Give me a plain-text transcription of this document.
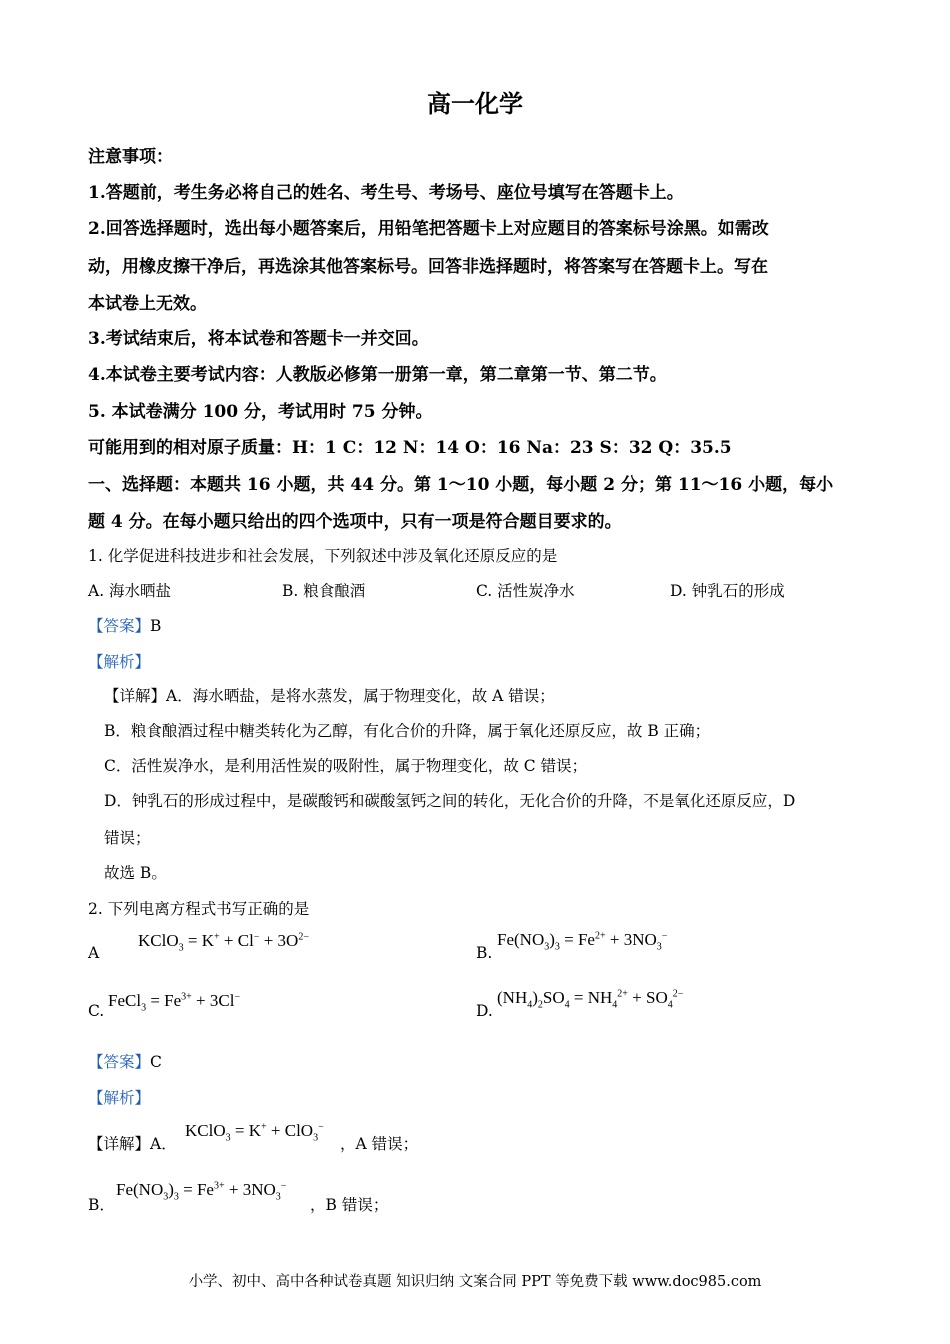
高一化学
注意事项：
1.答题前，考生务必将自己的姓名、考生号、考场号、座位号填写在答题卡上。
2.回答选择题时，选出每小题答案后，用铅笔把答题卡上对应题目的答案标号涂黑。如需改
动，用橡皮擦干净后，再选涂其他答案标号。回答非选择题时，将答案写在答题卡上。写在
本试卷上无效。
3.考试结束后，将本试卷和答题卡一并交回。
4.本试卷主要考试内容：人教版必修第一册第一章，第二章第一节、第二节。
5. 本试卷满分 100 分，考试用时 75 分钟。
可能用到的相对原子质量：H：1 C：12 N：14 O：16 Na：23 S：32 Q：35.5
一、选择题：本题共 16 小题，共 44 分。第 1～10 小题，每小题 2 分；第 11～16 小题，每小
题 4 分。在每小题只给出的四个选项中，只有一项是符合题目要求的。
1. 化学促进科技进步和社会发展，下列叙述中涉及氧化还原反应的是
A. 海水晒盐	B. 粮食酿酒	C. 活性炭净水	D. 钟乳石的形成
【答案】B
【解析】
【详解】A．海水晒盐，是将水蒸发，属于物理变化，故 A 错误；
B．粮食酿酒过程中糖类转化为乙醇，有化合价的升降，属于氧化还原反应，故 B 正确；
C．活性炭净水，是利用活性炭的吸附性，属于物理变化，故 C 错误；
D．钟乳石的形成过程中，是碳酸钙和碳酸氢钙之间的转化，无化合价的升降，不是氧化还原反应，D
错误；
故选 B。
2. 下列电离方程式书写正确的是
A
KClO$_3$ = $K^+ + Cl^- + 3O^{2-}$
B.
$Fe(NO_3)_3 = Fe^{2+} + 3NO_3^-$
C.
FeCl$_3$ = $Fe^{3+} + 3Cl^-$
D.
$(NH_4)_2SO_4 = NH_4^{2+} + SO_4^{2-}$
【答案】C
【解析】
【详解】A．
KClO$_3$ = K+ + ClO$_3$−
，A 错误；
B．
$Fe(NO_3)_3 = Fe^{3+} + 3NO_3^-$
，B 错误；
小学、初中、高中各种试卷真题 知识归纳 文案合同 PPT 等免费下载 www.doc985.com
